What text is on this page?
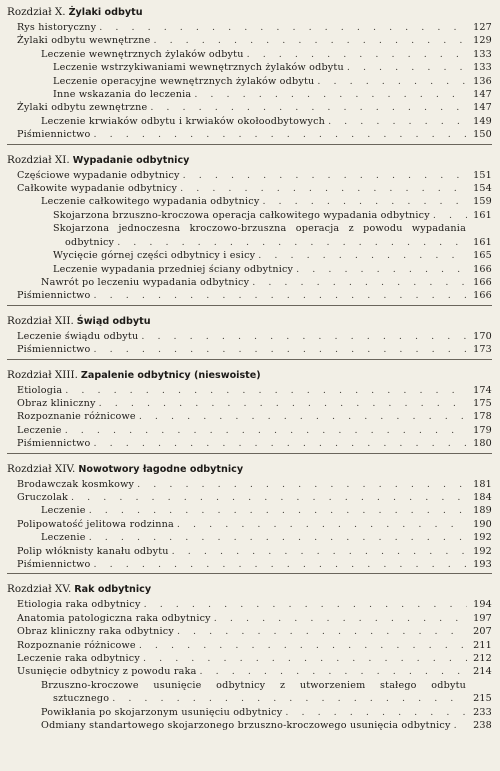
Rozdział X. Żylaki odbytu
Rys historyczny . . .	127
Żylaki odbytu wewnętrzne . . .	129
Leczenie wewnętrznych żylaków odbytu . . .	133
Leczenie wstrzykiwaniami wewnętrznych żylaków odbytu . . .	133
Leczenie operacyjne wewnętrznych żylaków odbytu . . .	136
Inne wskazania do leczenia . . .	147
Żylaki odbytu zewnętrzne . . .	147
Leczenie krwiaków odbytu i krwiaków okołoodbytowych . . .	149
Piśmiennictwo . . .	150
Rozdział XI. Wypadanie odbytnicy
Częściowe wypadanie odbytnicy . . .	151
Całkowite wypadanie odbytnicy . . .	154
Leczenie całkowitego wypadania odbytnicy . . .	159
Skojarzona brzuszno-kroczowa operacja całkowitego wypadania odbytnicy . . .	161
Skojarzona jednoczesna kroczowo-brzuszna operacja z powodu wypadania
odbytnicy . . .	161
Wycięcie górnej części odbytnicy i esicy . . .	165
Leczenie wypadania przedniej ściany odbytnicy . . .	166
Nawrót po leczeniu wypadania odbytnicy . . .	166
Piśmiennictwo . . .	166
Rozdział XII. Świąd odbytu
Leczenie świądu odbytu . . .	170
Piśmiennictwo . . .	173
Rozdział XIII. Zapalenie odbytnicy (nieswoiste)
Etiologia . . .	174
Obraz kliniczny . . .	175
Rozpoznanie różnicowe . . .	178
Leczenie . . .	179
Piśmiennictwo . . .	180
Rozdział XIV. Nowotwory łagodne odbytnicy
Brodawczak kosmkowy . . .	181
Gruczolak . . .	184
Leczenie . . .	189
Polipowatość jelitowa rodzinna . . .	190
Leczenie . . .	192
Polip włóknisty kanału odbytu . . .	192
Piśmiennictwo . . .	193
Rozdział XV. Rak odbytnicy
Etiologia raka odbytnicy . . .	194
Anatomia patologiczna raka odbytnicy . . .	197
Obraz kliniczny raka odbytnicy . . .	207
Rozpoznanie różnicowe . . .	211
Leczenie raka odbytnicy . . .	212
Usunięcie odbytnicy z powodu raka . . .	214
Brzuszno-kroczowe usunięcie odbytnicy z utworzeniem stałego odbytu
sztucznego . . .	215
Powikłania po skojarzonym usunięciu odbytnicy . . .	233
Odmiany standartowego skojarzonego brzuszno-kroczowego usunięcia odbytnicy . . .	238
